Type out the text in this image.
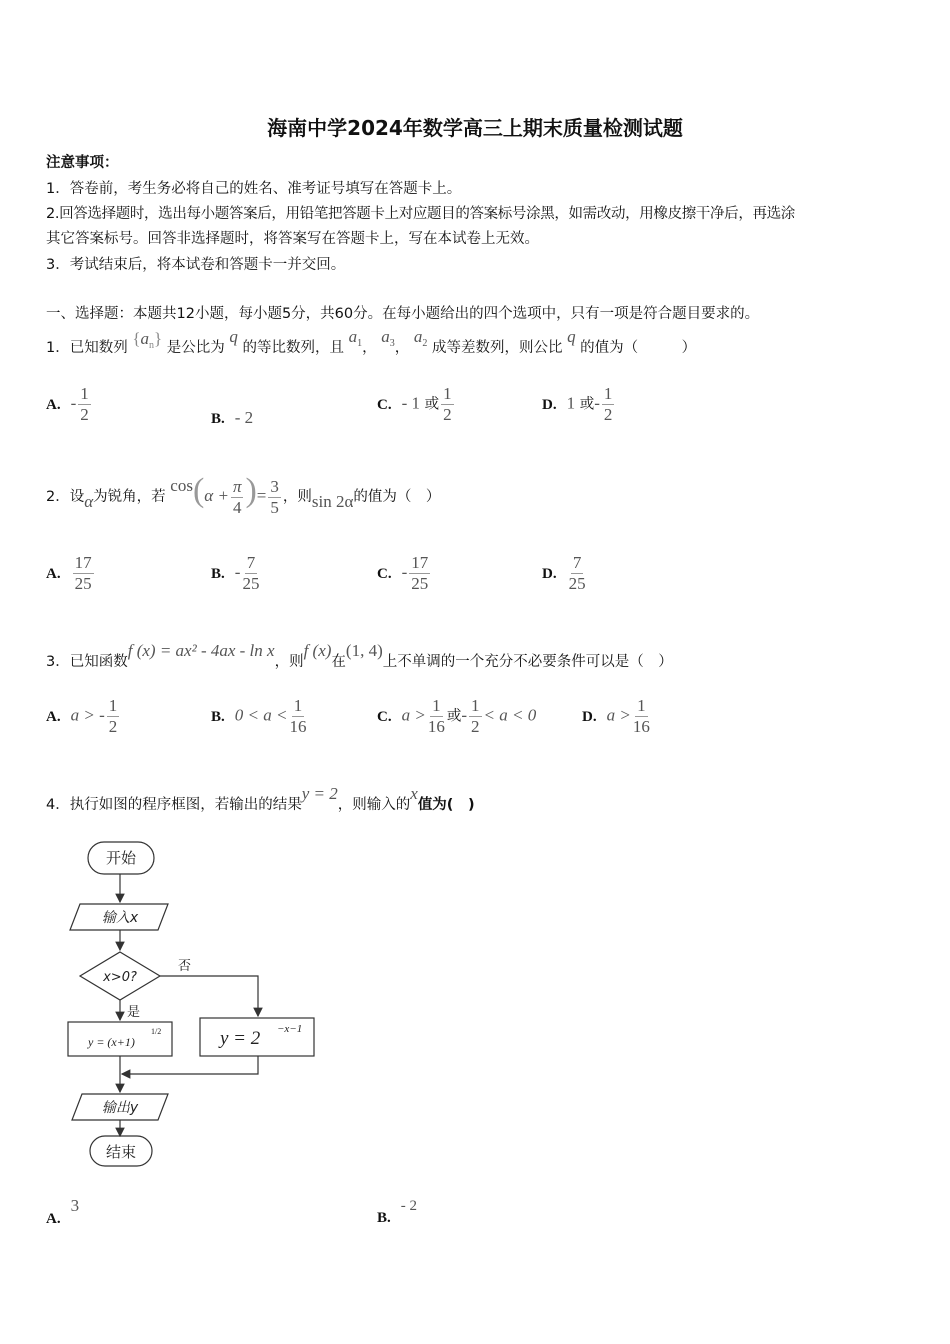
海南中学2024年数学高三上期末质量检测试题
注意事项：
1．答卷前，考生务必将自己的姓名、准考证号填写在答题卡上。
2.回答选择题时，选出每小题答案后，用铅笔把答题卡上对应题目的答案标号涂黑，如需改动，用橡皮擦干净后，再选涂
其它答案标号。回答非选择题时，将答案写在答题卡上，写在本试卷上无效。
3．考试结束后，将本试卷和答题卡一并交回。
一、选择题：本题共12小题，每小题5分，共60分。在每小题给出的四个选项中，只有一项是符合题目要求的。
1．已知数列 $\{a_n\}$ 是公比为 q 的等比数列，且 $a_1$， $a_3$， $a_2$ 成等差数列，则公比 q 的值为（　　　）
A. - $\frac{1}{2}$	B. - 2
C. - 1 或 $\frac{1}{2}$	D. 1 或- $\frac{1}{2}$
2．设α为锐角，若 $\cos(\alpha + \frac{\pi}{4}$ )= $\frac{3}{5}$ ，则sin 2α的值为（　）
A. $\frac{17}{25}$	B. - $\frac{7}{25}$	C. - $\frac{17}{25}$	D. $\frac{7}{25}$
3．已知函数f (x) = ax² - 4ax - ln x，则f (x)在(1, 4)上不单调的一个充分不必要条件可以是（　）
A. a > - $\frac{1}{2}$	B. $0 < a < \frac{1}{16}$	C. $a > \frac{1}{16}$ 或- $\frac{1}{2} < a < 0$	D. $a > \frac{1}{16}$
4．执行如图的程序框图，若输出的结果y = 2，则输入的x值为(　)
开始
输入x
x>0?
否
是
y = (x+1)
1/2	y = 2 −x−1
输出y
结束
A.3
B.- 2
